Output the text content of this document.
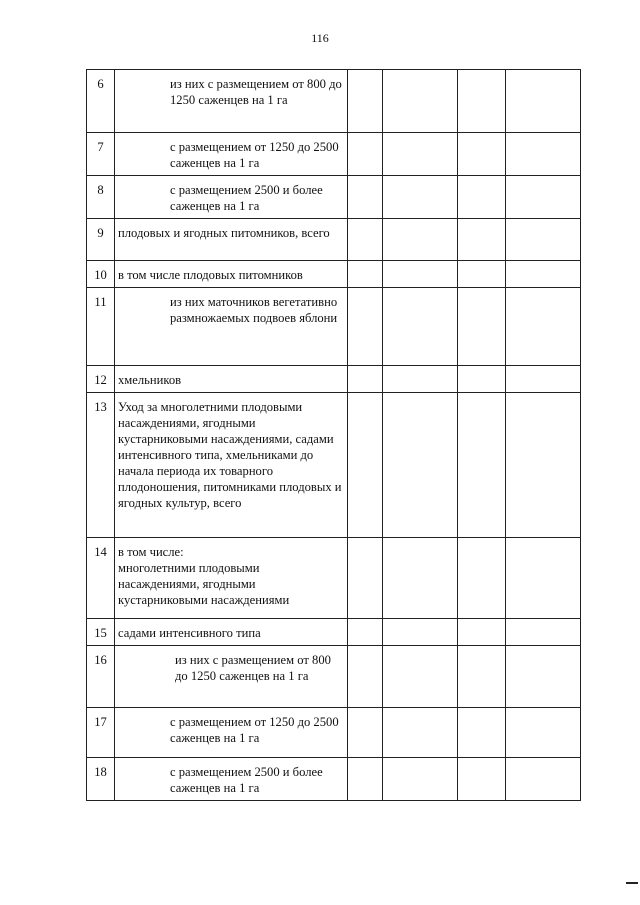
116
6	из них с размещением от 800 до 1250 саженцев на 1 га				
7	с размещением от 1250 до 2500 саженцев на 1 га				
8	с размещением 2500 и более саженцев на 1 га				
9	плодовых и ягодных питомников, всего				
10	в том числе плодовых питомников				
11	из них маточников вегетативно размножаемых подвоев яблони				
12	хмельников				
13	Уход за многолетними плодовыми насаждениями, ягодными кустарниковыми насаждениями, садами интенсивного типа, хмельниками до начала периода их товарного плодоношения, питомниками плодовых и ягодных культур, всего				
14	в том числе:
многолетними плодовыми насаждениями, ягодными кустарниковыми насаждениями				

15	садами интенсивного типа				
16	из них с размещением от 800 до 1250 саженцев на 1 га				
17	с размещением от 1250 до 2500 саженцев на 1 га				
18	с размещением 2500 и более саженцев на 1 га				
